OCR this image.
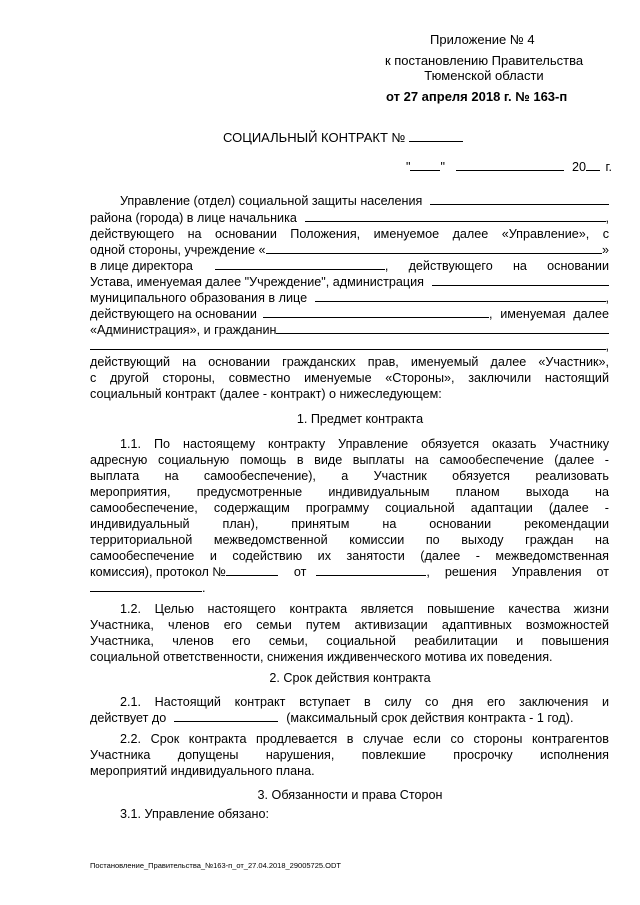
Приложение № 4
к постановлению Правительства
Тюменской области
от 27 апреля 2018 г. № 163-п
СОЦИАЛЬНЫЙ КОНТРАКТ №
" "	20 г.
Управление (отдел) социальной защиты населения
района (города) в лице начальника	,
действующего на основании Положения, именуемое далее «Управление», с
одной стороны, учреждение «	»
в лице директора	, действующего на основании
Устава, именуемая далее "Учреждение", администрация
муниципального образования в лице	,
действующего на основании	, именуемая далее
«Администрация», и гражданин
,
действующий на основании гражданских прав, именуемый далее «Участник»,
с другой стороны, совместно именуемые «Стороны», заключили настоящий
социальный контракт (далее - контракт) о нижеследующем:
1. Предмет контракта
1.1. По настоящему контракту Управление обязуется оказать Участнику
адресную социальную помощь в виде выплаты на самообеспечение (далее -
выплата на самообеспечение), а Участник обязуется реализовать
мероприятия, предусмотренные индивидуальным планом выхода на
самообеспечение, содержащим программу социальной адаптации (далее -
индивидуальный план), принятым на основании рекомендации
территориальной межведомственной комиссии по выходу граждан на
самообеспечение и содействию их занятости (далее - межведомственная
комиссия), протокол №	от	, решения Управления от
.
1.2. Целью настоящего контракта является повышение качества жизни
Участника, членов его семьи путем активизации адаптивных возможностей
Участника, членов его семьи, социальной реабилитации и повышения
социальной ответственности, снижения иждивенческого мотива их поведения.
2. Срок действия контракта
2.1. Настоящий контракт вступает в силу со дня его заключения и
действует до	(максимальный срок действия контракта - 1 год).
2.2. Срок контракта продлевается в случае если со стороны контрагентов
Участника допущены нарушения, повлекшие просрочку исполнения
мероприятий индивидуального плана.
3. Обязанности и права Сторон
3.1. Управление обязано:
Постановление_Правительства_№163-п_от_27.04.2018_29005725.ODT
